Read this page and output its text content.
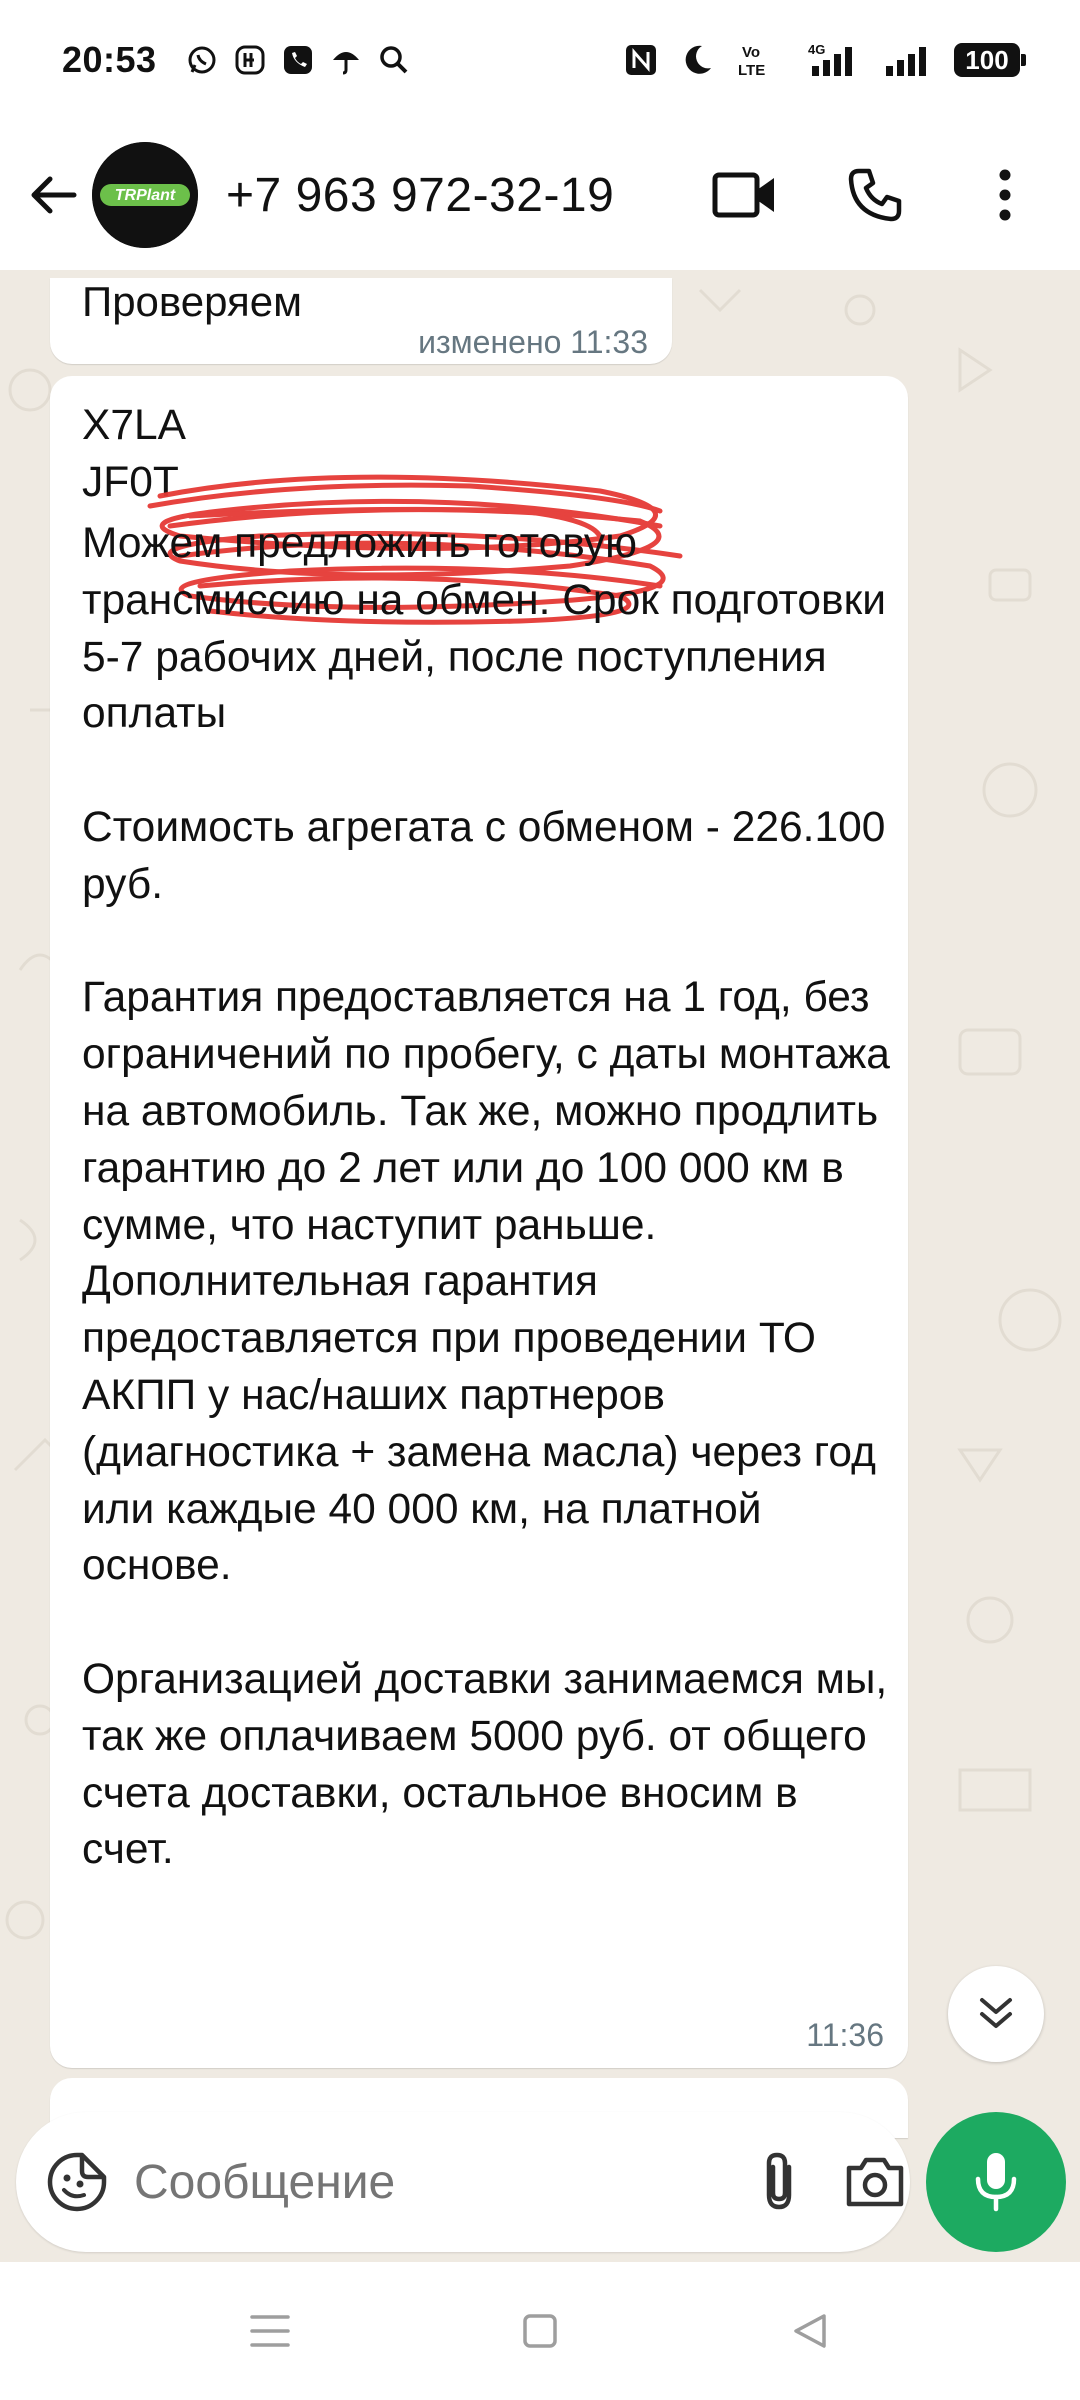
20:53	Vo
LTE
4G	100
TRPlant +7 963 972-32-19
Проверяем
изменено 11:33
X7LA
JF0T
Можем предложить готовую трансмиссию на обмен. Срок подготовки 5-7 рабочих дней, после поступления оплаты

Стоимость агрегата с обменом - 226.100 руб.

Гарантия предоставляется на 1 год, без ограничений по пробегу, с даты монтажа на автомобиль. Так же, можно продлить гарантию до 2 лет или до 100 000 км в сумме, что наступит раньше. Дополнительная гарантия предоставляется при проведении ТО АКПП у нас/наших партнеров (диагностика + замена масла) через год или каждые 40 000 км, на платной основе.

Организацией доставки занимаемся мы, так же оплачиваем 5000 руб. от общего счета доставки, остальное вносим в счет.
11:36
Сообщение
